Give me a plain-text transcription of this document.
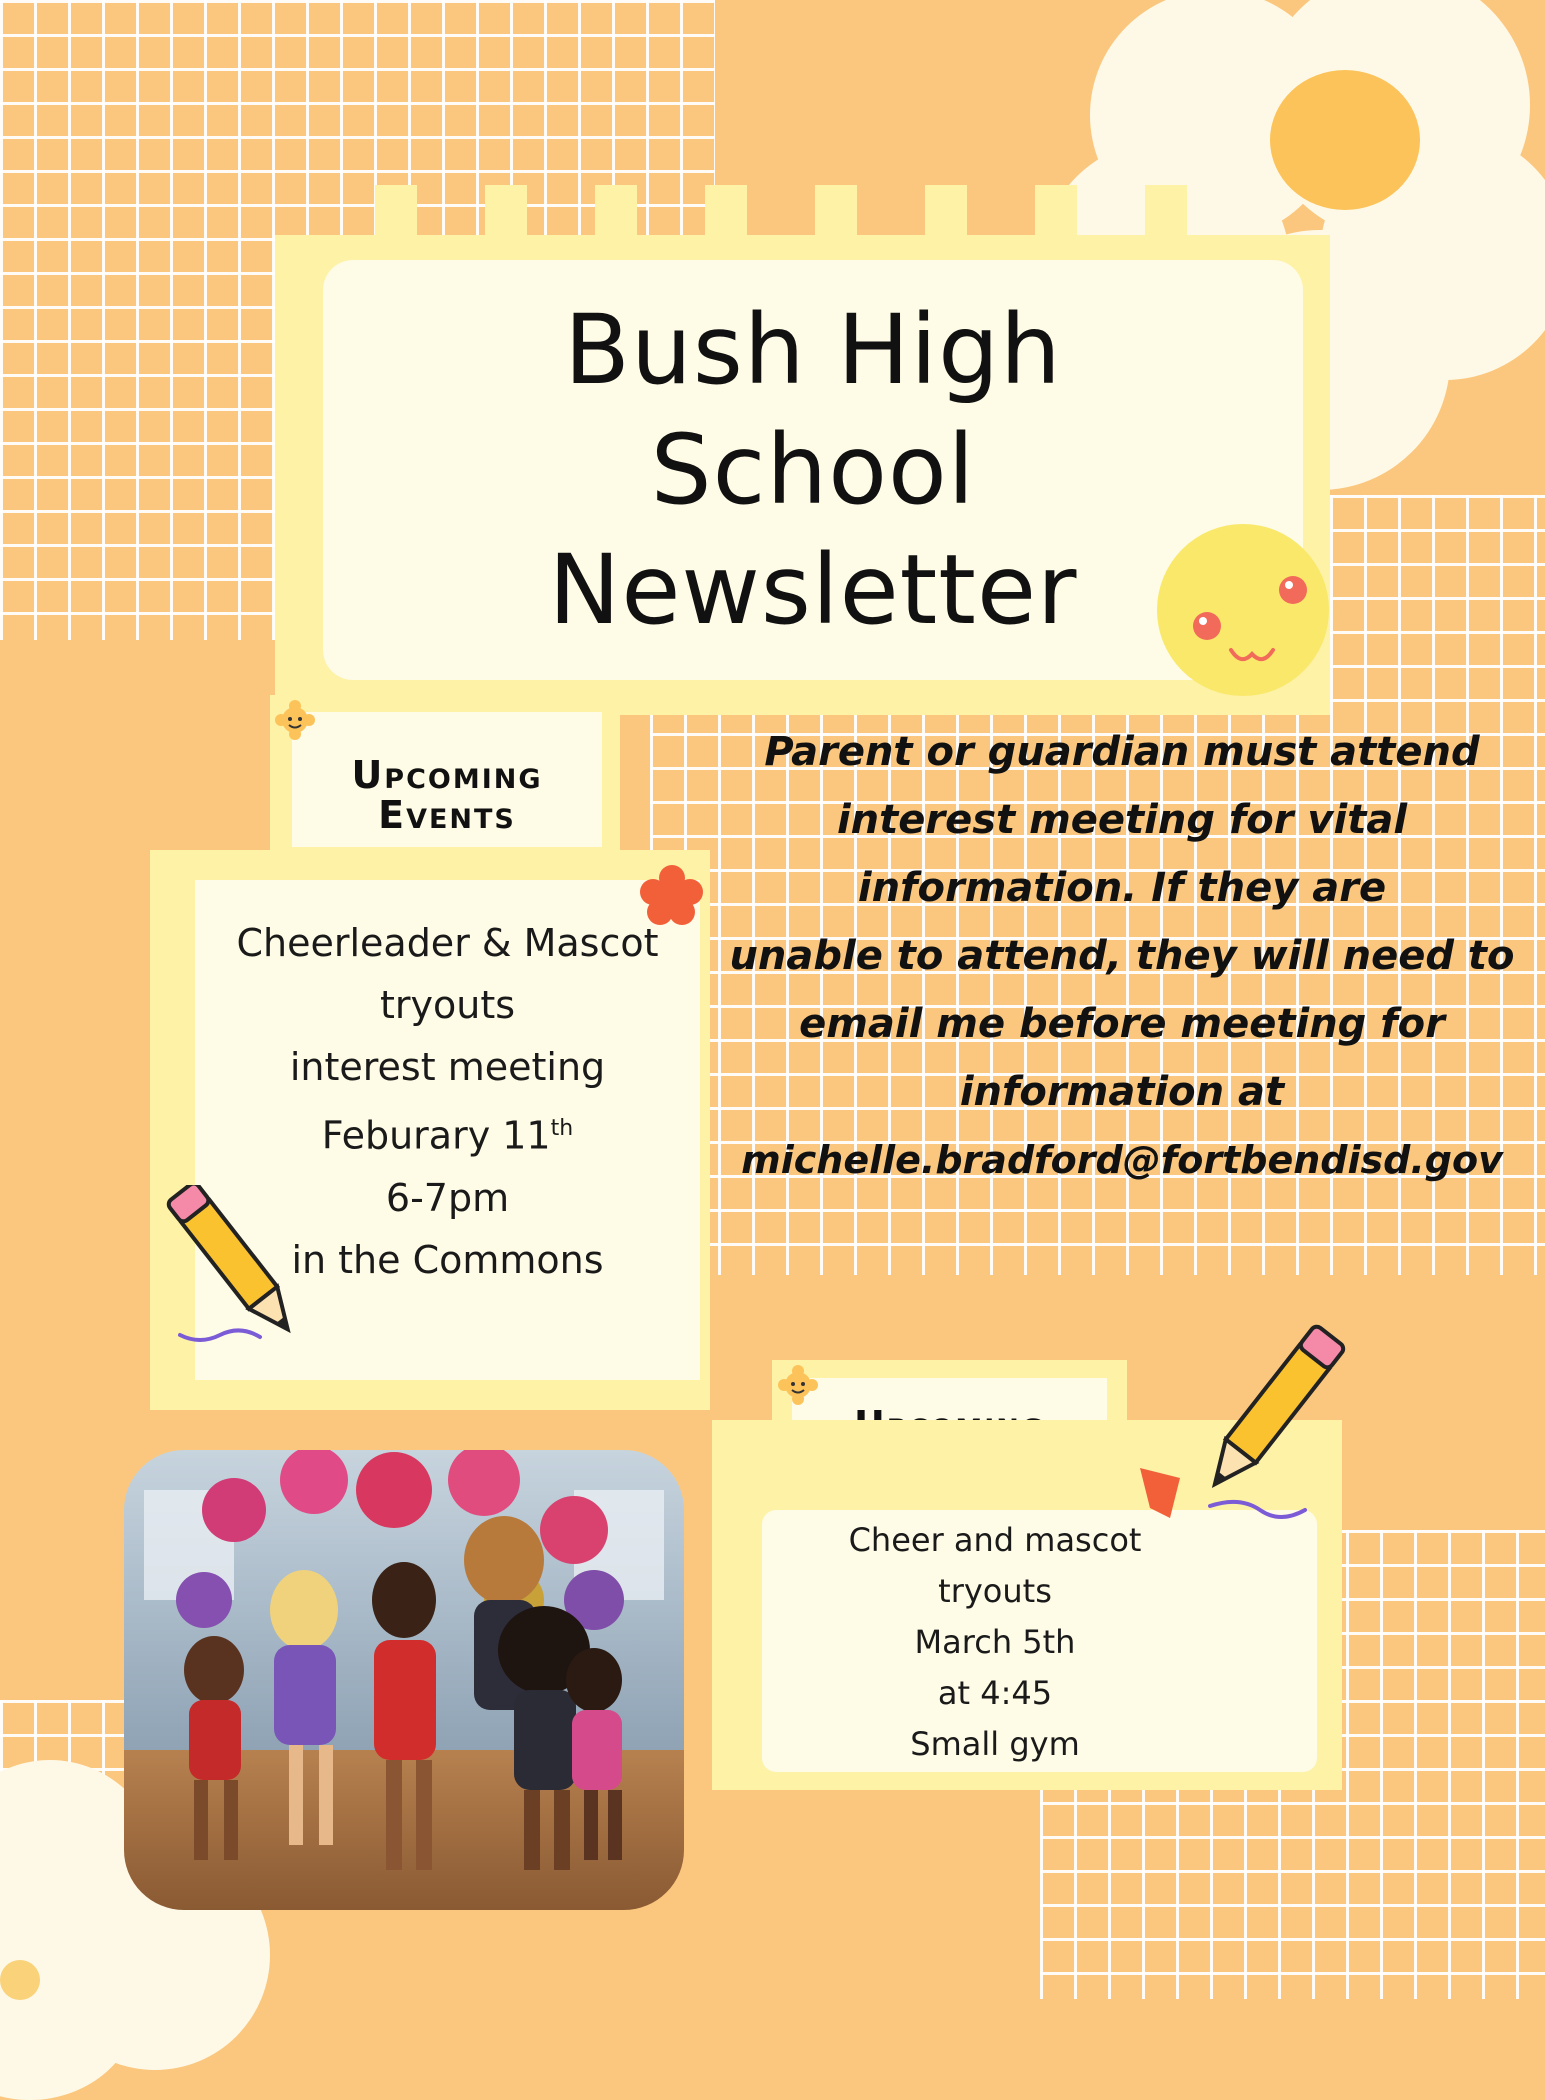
Bush High
School
Newsletter
Upcoming
Events
Cheerleader & Mascot
tryouts
interest meeting
Feburary 11th
6-7pm
in the Commons
Parent or guardian must attend
interest meeting for vital
information. If they are
unable to attend, they will need to
email me before meeting for
information at
michelle.bradford@fortbendisd.gov
Cheer and mascot
tryouts
March 5th
at 4:45
Small gym
